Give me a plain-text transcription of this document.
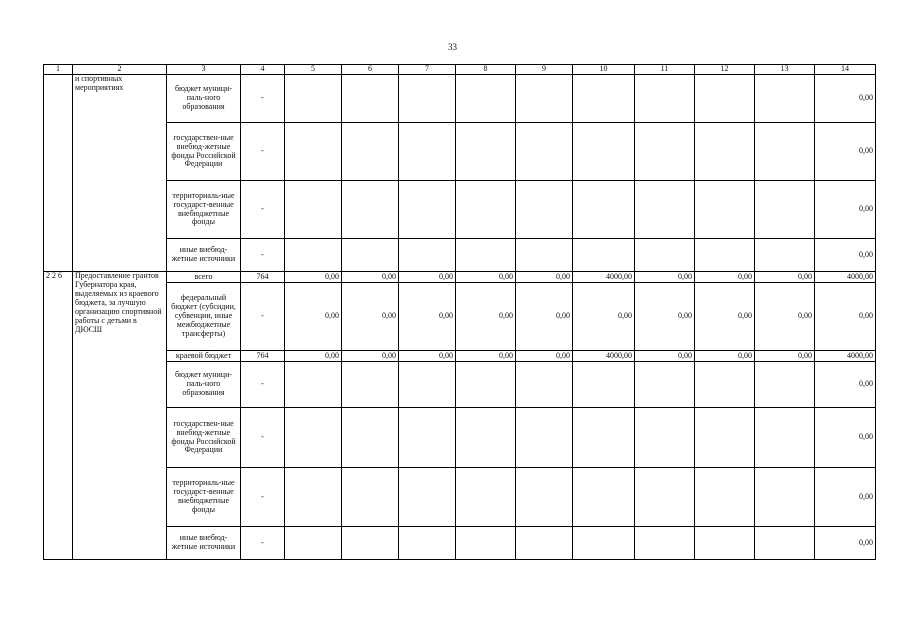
33
1	2	3	4	5	6	7	8	9	10	11	12	13	14
	и спортивных мероприятиях	бюджет муници-паль-ного образования	-										0,00
		государствен-ные внебюд-жетные фонды Российской Федерации	-										0,00
		территориаль-ные государст-венные внебюджетные фонды	-										0,00
		иные внебюд-жетные источники	-										0,00
2 2 6	Предоставление грантов Губернатора края, выделяемых из краевого бюджета, за лучшую организацию спортивной работы с детьми в ДЮСШ	всего	764	0,00	0,00	0,00	0,00	0,00	4000,00	0,00	0,00	0,00	4000,00
		федеральный бюджет (субсидии, субвенции, иные межбюджетные трансферты)	-	0,00	0,00	0,00	0,00	0,00	0,00	0,00	0,00	0,00	0,00
		краевой бюджет	764	0,00	0,00	0,00	0,00	0,00	4000,00	0,00	0,00	0,00	4000,00
		бюджет муници-паль-ного образования	-										0,00
		государствен-ные внебюд-жетные фонды Российской Федерации	-										0,00
		территориаль-ные государст-венные внебюджетные фонды	-										0,00
		иные внебюд-жетные источники	-										0,00
